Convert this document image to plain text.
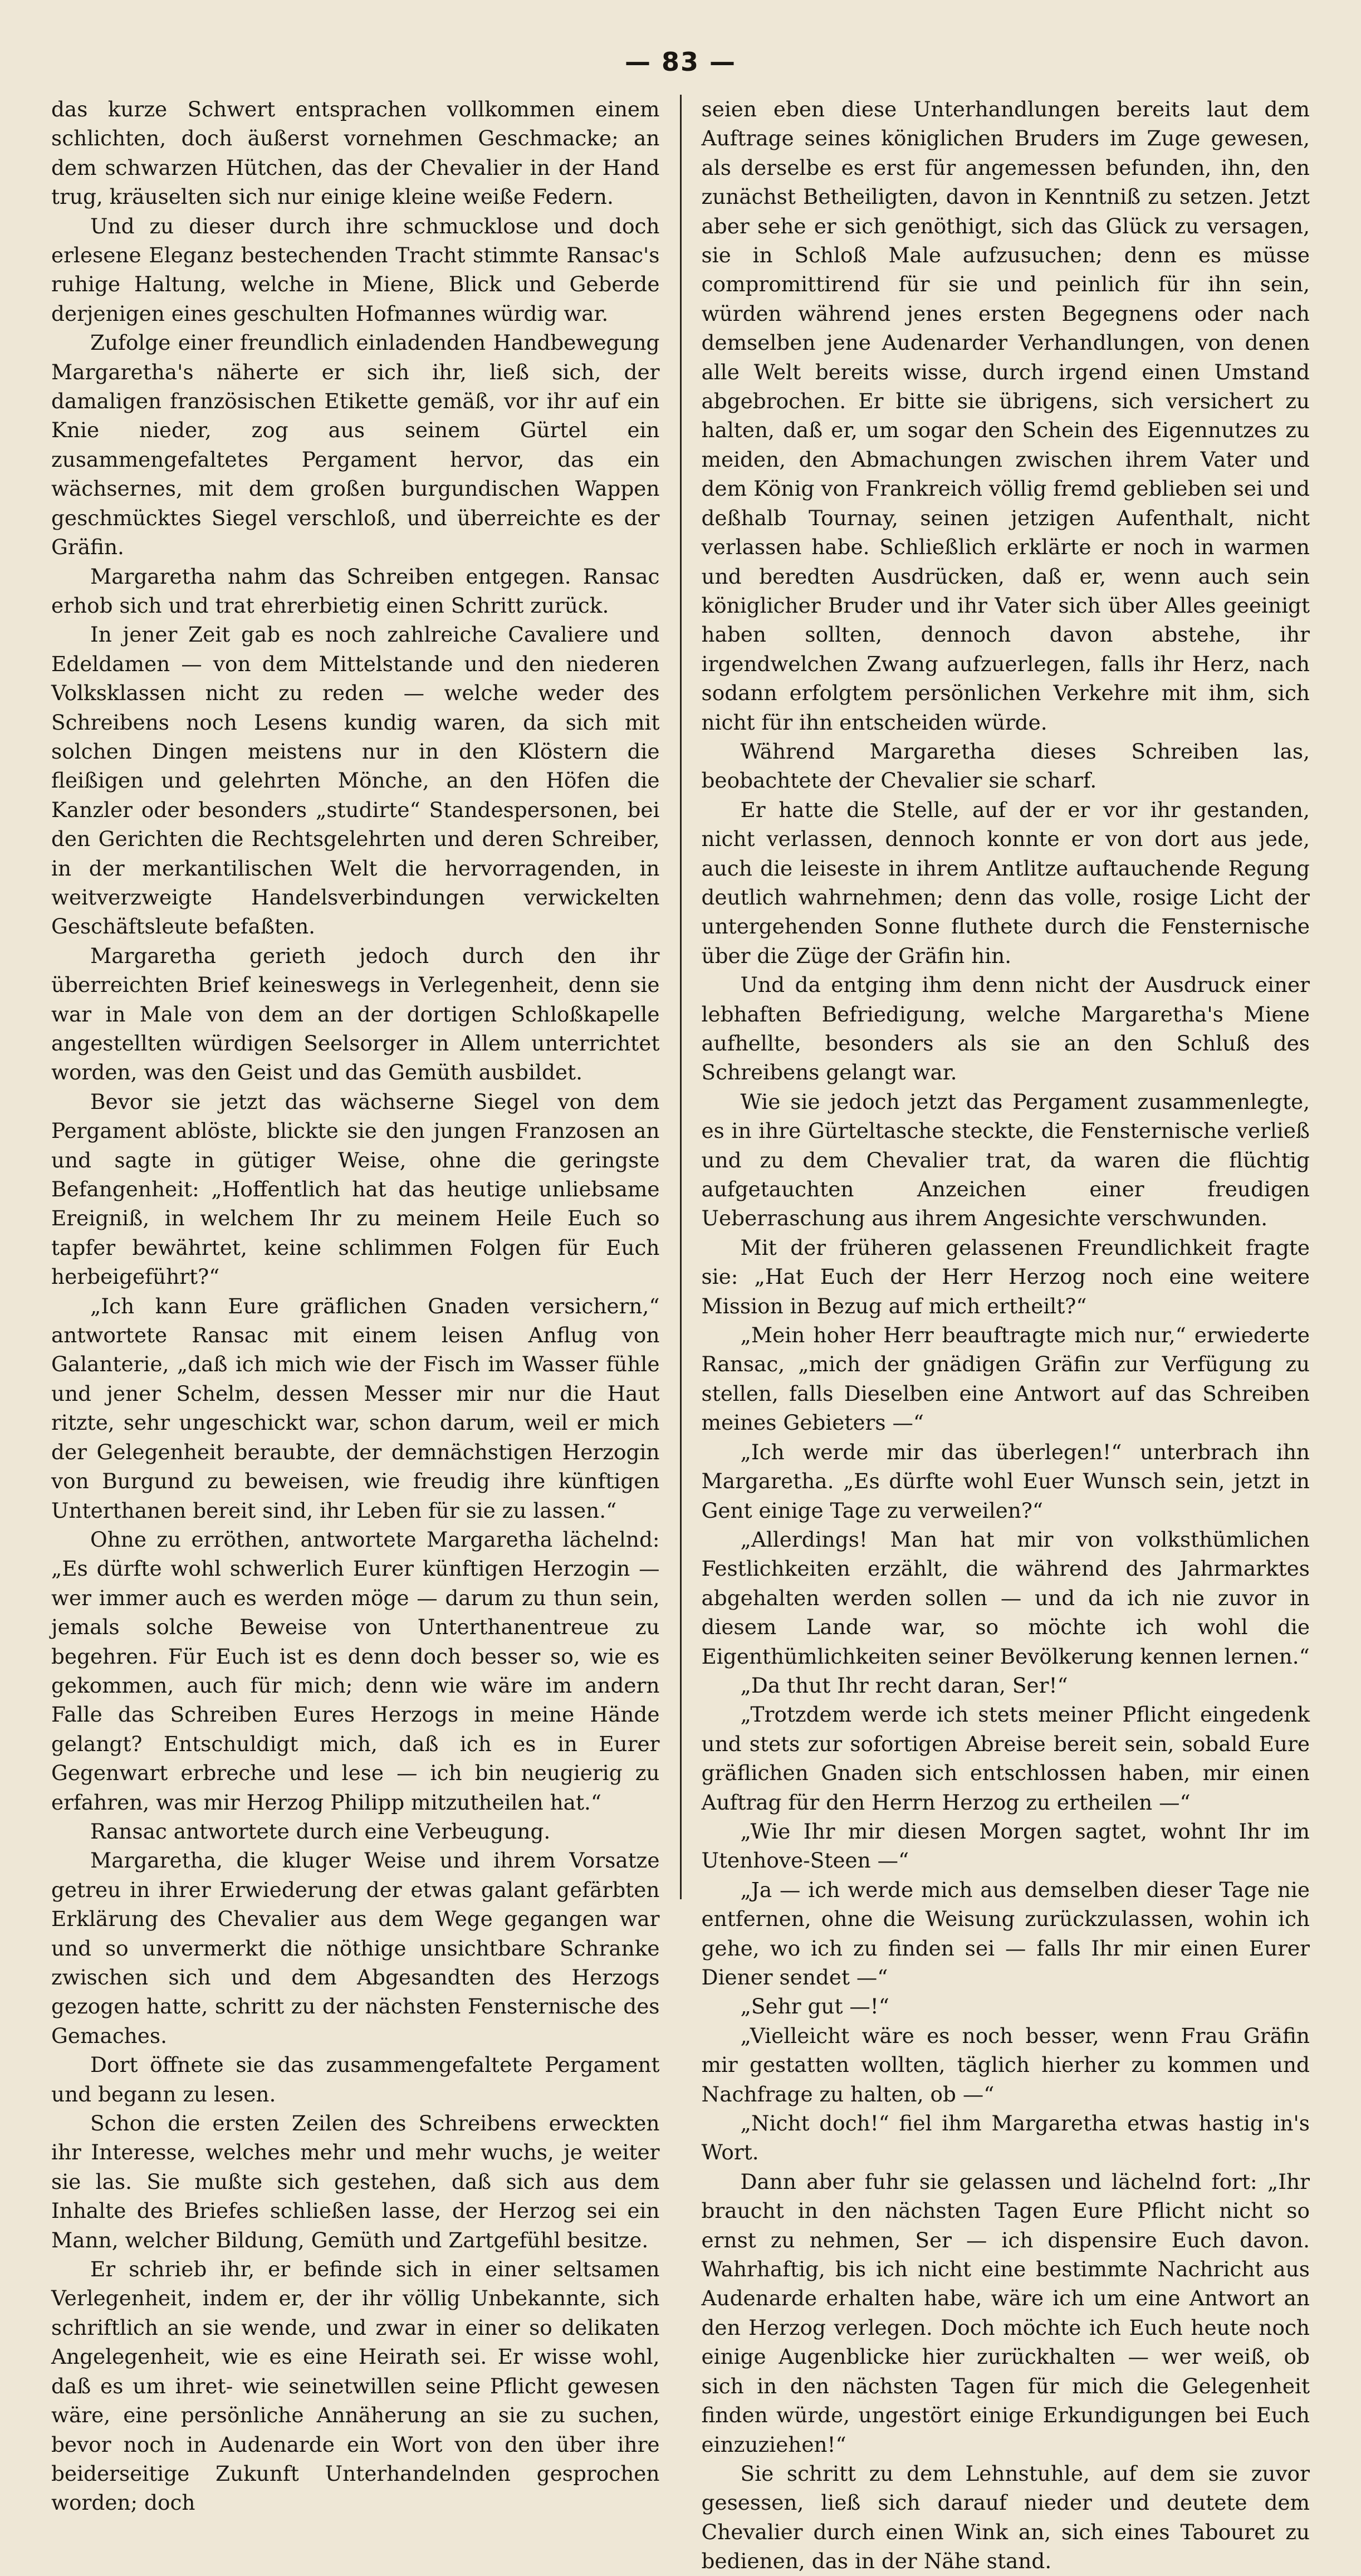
— 83 —

das kurze Schwert entsprachen vollkommen einem schlichten, doch äußerst vornehmen Geschmacke; an dem schwarzen Hütchen, das der Chevalier in der Hand trug, kräuselten sich nur einige kleine weiße Federn.

Und zu dieser durch ihre schmucklose und doch erlesene Eleganz bestechenden Tracht stimmte Ransac's ruhige Haltung, welche in Miene, Blick und Geberde derjenigen eines geschulten Hofmannes würdig war.

Zufolge einer freundlich einladenden Handbewegung Margaretha's näherte er sich ihr, ließ sich, der damaligen französischen Etikette gemäß, vor ihr auf ein Knie nieder, zog aus seinem Gürtel ein zusammengefaltetes Pergament hervor, das ein wächsernes, mit dem großen burgundischen Wappen geschmücktes Siegel verschloß, und überreichte es der Gräfin.

Margaretha nahm das Schreiben entgegen. Ransac erhob sich und trat ehrerbietig einen Schritt zurück.

In jener Zeit gab es noch zahlreiche Cavaliere und Edeldamen — von dem Mittelstande und den niederen Volksklassen nicht zu reden — welche weder des Schreibens noch Lesens kundig waren, da sich mit solchen Dingen meistens nur in den Klöstern die fleißigen und gelehrten Mönche, an den Höfen die Kanzler oder besonders „studirte“ Standespersonen, bei den Gerichten die Rechtsgelehrten und deren Schreiber, in der merkantilischen Welt die hervorragenden, in weitverzweigte Handelsverbindungen verwickelten Geschäftsleute befaßten.

Margaretha gerieth jedoch durch den ihr überreichten Brief keineswegs in Verlegenheit, denn sie war in Male von dem an der dortigen Schloßkapelle angestellten würdigen Seelsorger in Allem unterrichtet worden, was den Geist und das Gemüth ausbildet.

Bevor sie jetzt das wächserne Siegel von dem Pergament ablöste, blickte sie den jungen Franzosen an und sagte in gütiger Weise, ohne die geringste Befangenheit: „Hoffentlich hat das heutige unliebsame Ereigniß, in welchem Ihr zu meinem Heile Euch so tapfer bewährtet, keine schlimmen Folgen für Euch herbeigeführt?“

„Ich kann Eure gräflichen Gnaden versichern,“ antwortete Ransac mit einem leisen Anflug von Galanterie, „daß ich mich wie der Fisch im Wasser fühle und jener Schelm, dessen Messer mir nur die Haut ritzte, sehr ungeschickt war, schon darum, weil er mich der Gelegenheit beraubte, der demnächstigen Herzogin von Burgund zu beweisen, wie freudig ihre künftigen Unterthanen bereit sind, ihr Leben für sie zu lassen.“

Ohne zu erröthen, antwortete Margaretha lächelnd: „Es dürfte wohl schwerlich Eurer künftigen Herzogin — wer immer auch es werden möge — darum zu thun sein, jemals solche Beweise von Unterthanentreue zu begehren. Für Euch ist es denn doch besser so, wie es gekommen, auch für mich; denn wie wäre im andern Falle das Schreiben Eures Herzogs in meine Hände gelangt? Entschuldigt mich, daß ich es in Eurer Gegenwart erbreche und lese — ich bin neugierig zu erfahren, was mir Herzog Philipp mitzutheilen hat.“

Ransac antwortete durch eine Verbeugung.

Margaretha, die kluger Weise und ihrem Vorsatze getreu in ihrer Erwiederung der etwas galant gefärbten Erklärung des Chevalier aus dem Wege gegangen war und so unvermerkt die nöthige unsichtbare Schranke zwischen sich und dem Abgesandten des Herzogs gezogen hatte, schritt zu der nächsten Fensternische des Gemaches.

Dort öffnete sie das zusammengefaltete Pergament und begann zu lesen.

Schon die ersten Zeilen des Schreibens erweckten ihr Interesse, welches mehr und mehr wuchs, je weiter sie las. Sie mußte sich gestehen, daß sich aus dem Inhalte des Briefes schließen lasse, der Herzog sei ein Mann, welcher Bildung, Gemüth und Zartgefühl besitze.

Er schrieb ihr, er befinde sich in einer seltsamen Verlegenheit, indem er, der ihr völlig Unbekannte, sich schriftlich an sie wende, und zwar in einer so delikaten Angelegenheit, wie es eine Heirath sei. Er wisse wohl, daß es um ihret- wie seinetwillen seine Pflicht gewesen wäre, eine persönliche Annäherung an sie zu suchen, bevor noch in Audenarde ein Wort von den über ihre beiderseitige Zukunft Unterhandelnden gesprochen worden; doch

seien eben diese Unterhandlungen bereits laut dem Auftrage seines königlichen Bruders im Zuge gewesen, als derselbe es erst für angemessen befunden, ihn, den zunächst Betheiligten, davon in Kenntniß zu setzen. Jetzt aber sehe er sich genöthigt, sich das Glück zu versagen, sie in Schloß Male aufzusuchen; denn es müsse compromittirend für sie und peinlich für ihn sein, würden während jenes ersten Begegnens oder nach demselben jene Audenarder Verhandlungen, von denen alle Welt bereits wisse, durch irgend einen Umstand abgebrochen. Er bitte sie übrigens, sich versichert zu halten, daß er, um sogar den Schein des Eigennutzes zu meiden, den Abmachungen zwischen ihrem Vater und dem König von Frankreich völlig fremd geblieben sei und deßhalb Tournay, seinen jetzigen Aufenthalt, nicht verlassen habe. Schließlich erklärte er noch in warmen und beredten Ausdrücken, daß er, wenn auch sein königlicher Bruder und ihr Vater sich über Alles geeinigt haben sollten, dennoch davon abstehe, ihr irgendwelchen Zwang aufzuerlegen, falls ihr Herz, nach sodann erfolgtem persönlichen Verkehre mit ihm, sich nicht für ihn entscheiden würde.

Während Margaretha dieses Schreiben las, beobachtete der Chevalier sie scharf.

Er hatte die Stelle, auf der er vor ihr gestanden, nicht verlassen, dennoch konnte er von dort aus jede, auch die leiseste in ihrem Antlitze auftauchende Regung deutlich wahrnehmen; denn das volle, rosige Licht der untergehenden Sonne fluthete durch die Fensternische über die Züge der Gräfin hin.

Und da entging ihm denn nicht der Ausdruck einer lebhaften Befriedigung, welche Margaretha's Miene aufhellte, besonders als sie an den Schluß des Schreibens gelangt war.

Wie sie jedoch jetzt das Pergament zusammenlegte, es in ihre Gürteltasche steckte, die Fensternische verließ und zu dem Chevalier trat, da waren die flüchtig aufgetauchten Anzeichen einer freudigen Ueberraschung aus ihrem Angesichte verschwunden.

Mit der früheren gelassenen Freundlichkeit fragte sie: „Hat Euch der Herr Herzog noch eine weitere Mission in Bezug auf mich ertheilt?“

„Mein hoher Herr beauftragte mich nur,“ erwiederte Ransac, „mich der gnädigen Gräfin zur Verfügung zu stellen, falls Dieselben eine Antwort auf das Schreiben meines Gebieters —“

„Ich werde mir das überlegen!“ unterbrach ihn Margaretha. „Es dürfte wohl Euer Wunsch sein, jetzt in Gent einige Tage zu verweilen?“

„Allerdings! Man hat mir von volksthümlichen Festlichkeiten erzählt, die während des Jahrmarktes abgehalten werden sollen — und da ich nie zuvor in diesem Lande war, so möchte ich wohl die Eigenthümlichkeiten seiner Bevölkerung kennen lernen.“

„Da thut Ihr recht daran, Ser!“

„Trotzdem werde ich stets meiner Pflicht eingedenk und stets zur sofortigen Abreise bereit sein, sobald Eure gräflichen Gnaden sich entschlossen haben, mir einen Auftrag für den Herrn Herzog zu ertheilen —“

„Wie Ihr mir diesen Morgen sagtet, wohnt Ihr im Utenhove-Steen —“

„Ja — ich werde mich aus demselben dieser Tage nie entfernen, ohne die Weisung zurückzulassen, wohin ich gehe, wo ich zu finden sei — falls Ihr mir einen Eurer Diener sendet —“

„Sehr gut —!“

„Vielleicht wäre es noch besser, wenn Frau Gräfin mir gestatten wollten, täglich hierher zu kommen und Nachfrage zu halten, ob —“

„Nicht doch!“ fiel ihm Margaretha etwas hastig in's Wort.

Dann aber fuhr sie gelassen und lächelnd fort: „Ihr braucht in den nächsten Tagen Eure Pflicht nicht so ernst zu nehmen, Ser — ich dispensire Euch davon. Wahrhaftig, bis ich nicht eine bestimmte Nachricht aus Audenarde erhalten habe, wäre ich um eine Antwort an den Herzog verlegen. Doch möchte ich Euch heute noch einige Augenblicke hier zurückhalten — wer weiß, ob sich in den nächsten Tagen für mich die Gelegenheit finden würde, ungestört einige Erkundigungen bei Euch einzuziehen!“

Sie schritt zu dem Lehnstuhle, auf dem sie zuvor gesessen, ließ sich darauf nieder und deutete dem Chevalier durch einen Wink an, sich eines Tabouret zu bedienen, das in der Nähe stand.
